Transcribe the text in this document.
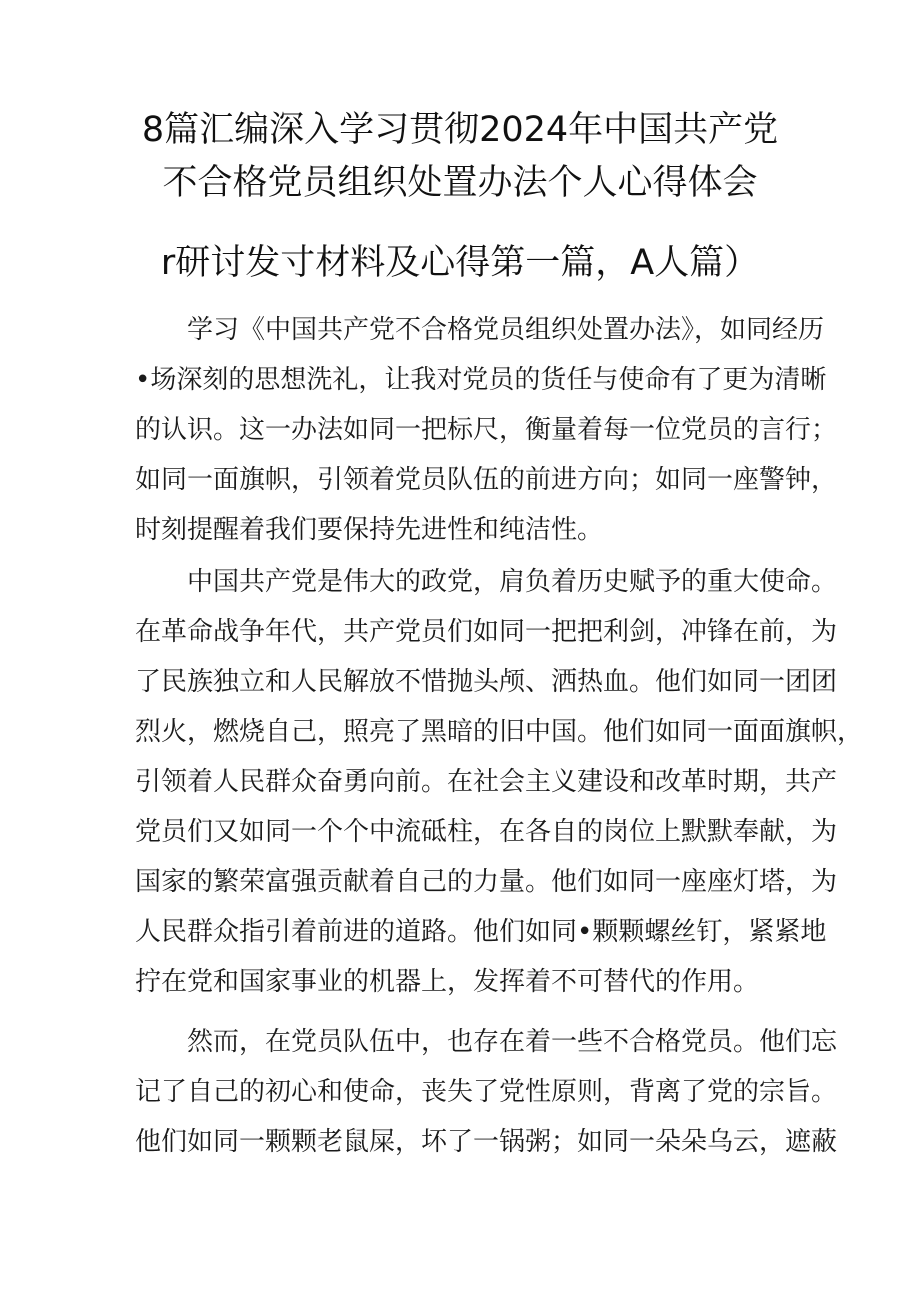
8篇汇编深入学习贯彻2024年中国共产党
不合格党员组织处置办法个人心得体会
r研讨发寸材料及心得第一篇，A人篇）
　　学习《中国共产党不合格党员组织处置办法》，如同经历
•场深刻的思想洗礼，让我对党员的货任与使命有了更为清晰
的认识。这一办法如同一把标尺，衡量着每一位党员的言行；
如同一面旗帜，引领着党员队伍的前进方向；如同一座警钟，
时刻提醒着我们要保持先进性和纯洁性。
　　中国共产党是伟大的政党，肩负着历史赋予的重大使命。
在革命战争年代，共产党员们如同一把把利剑，冲锋在前，为
了民族独立和人民解放不惜抛头颅、洒热血。他们如同一团团
烈火，燃烧自己，照亮了黑暗的旧中国。他们如同一面面旗帜，
引领着人民群众奋勇向前。在社会主义建设和改革时期，共产
党员们又如同一个个中流砥柱，在各自的岗位上默默奉献，为
国家的繁荣富强贡献着自己的力量。他们如同一座座灯塔，为
人民群众指引着前进的道路。他们如同•颗颗螺丝钉，紧紧地
拧在党和国家事业的机器上，发挥着不可替代的作用。
　　然而，在党员队伍中，也存在着一些不合格党员。他们忘
记了自己的初心和使命，丧失了党性原则，背离了党的宗旨。
他们如同一颗颗老鼠屎，坏了一锅粥；如同一朵朵乌云，遮蔽
